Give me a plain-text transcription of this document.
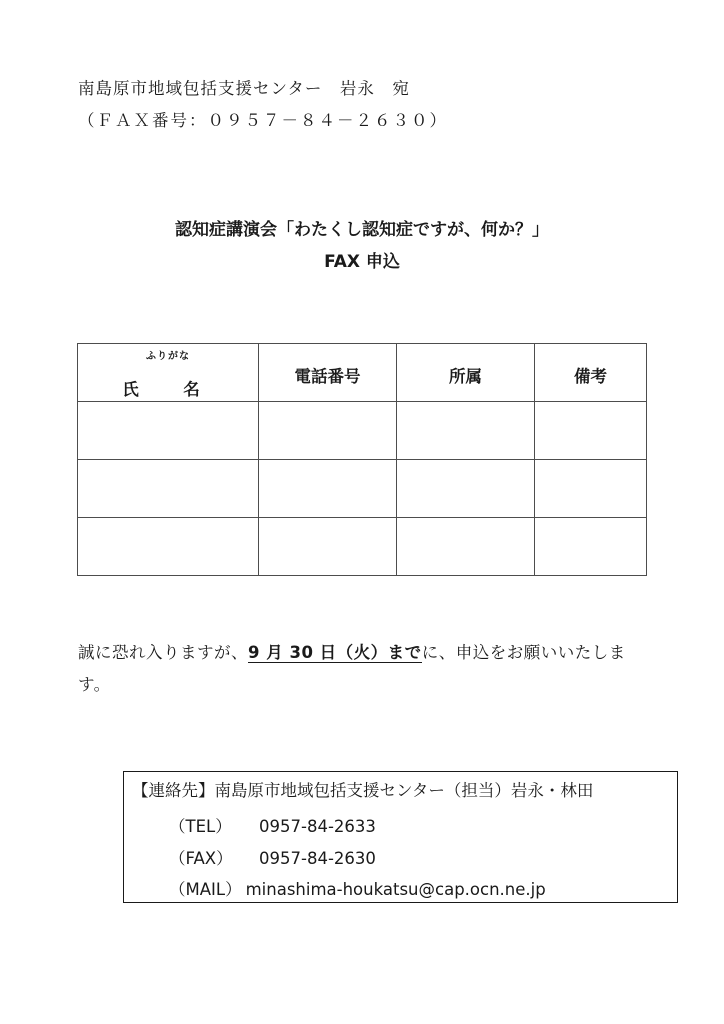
南島原市地域包括支援センター　岩永　宛
（ＦＡＸ番号：０９５７－８４－２６３０）
認知症講演会「わたくし認知症ですが、何か？」
FAX 申込
ふりがな
氏　名	電話番号	所属	備考

誠に恐れ入りますが、9 月 30 日（火）までに、申込をお願いいたします。
【連絡先】南島原市地域包括支援センター（担当）岩永・林田
（TEL） 0957-84-2633
（FAX） 0957-84-2630
（MAIL） minashima-houkatsu@cap.ocn.ne.jp
